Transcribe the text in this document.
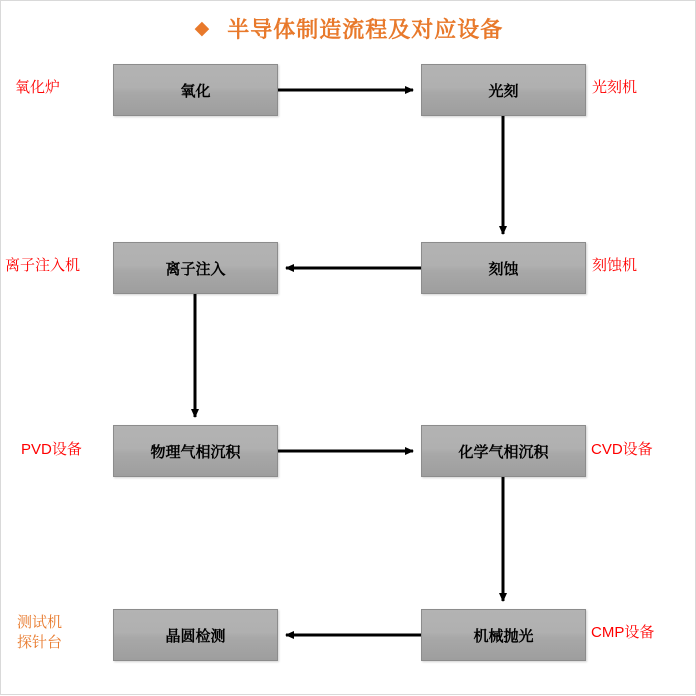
◆ 半导体制造流程及对应设备
氧化	光刻
离子注入	刻蚀
物理气相沉积	化学气相沉积
晶圆检测	机械抛光
氧化炉	光刻机
离子注入机	刻蚀机
PVD设备	CVD设备
CMP设备
测试机
探针台
